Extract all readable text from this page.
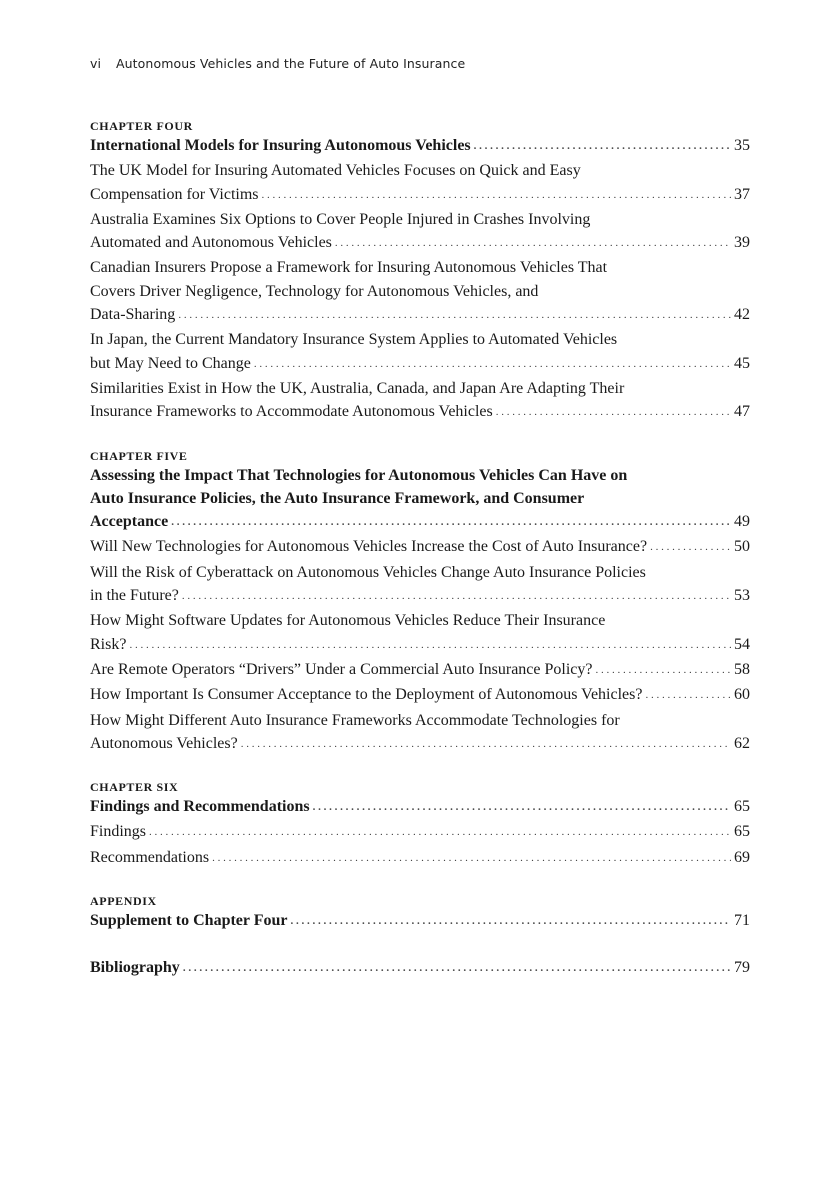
vi Autonomous Vehicles and the Future of Auto Insurance
CHAPTER FOUR
International Models for Insuring Autonomous Vehicles . . .	35
The UK Model for Insuring Automated Vehicles Focuses on Quick and Easy
Compensation for Victims . . .	37
Australia Examines Six Options to Cover People Injured in Crashes Involving
Automated and Autonomous Vehicles . . .	39
Canadian Insurers Propose a Framework for Insuring Autonomous Vehicles That
Covers Driver Negligence, Technology for Autonomous Vehicles, and
Data-Sharing . . .	42
In Japan, the Current Mandatory Insurance System Applies to Automated Vehicles
but May Need to Change . . .	45
Similarities Exist in How the UK, Australia, Canada, and Japan Are Adapting Their
Insurance Frameworks to Accommodate Autonomous Vehicles . . .	47
CHAPTER FIVE
Assessing the Impact That Technologies for Autonomous Vehicles Can Have on
Auto Insurance Policies, the Auto Insurance Framework, and Consumer
Acceptance . . .	49
Will New Technologies for Autonomous Vehicles Increase the Cost of Auto Insurance? . . .	50
Will the Risk of Cyberattack on Autonomous Vehicles Change Auto Insurance Policies
in the Future? . . .	53
How Might Software Updates for Autonomous Vehicles Reduce Their Insurance
Risk? . . .	54
Are Remote Operators “Drivers” Under a Commercial Auto Insurance Policy? . . .	58
How Important Is Consumer Acceptance to the Deployment of Autonomous Vehicles? . . .	60
How Might Different Auto Insurance Frameworks Accommodate Technologies for
Autonomous Vehicles? . . .	62
CHAPTER SIX
Findings and Recommendations . . .	65
Findings . . .	65
Recommendations . . .	69
APPENDIX
Supplement to Chapter Four . . .	71
Bibliography . . .	79
